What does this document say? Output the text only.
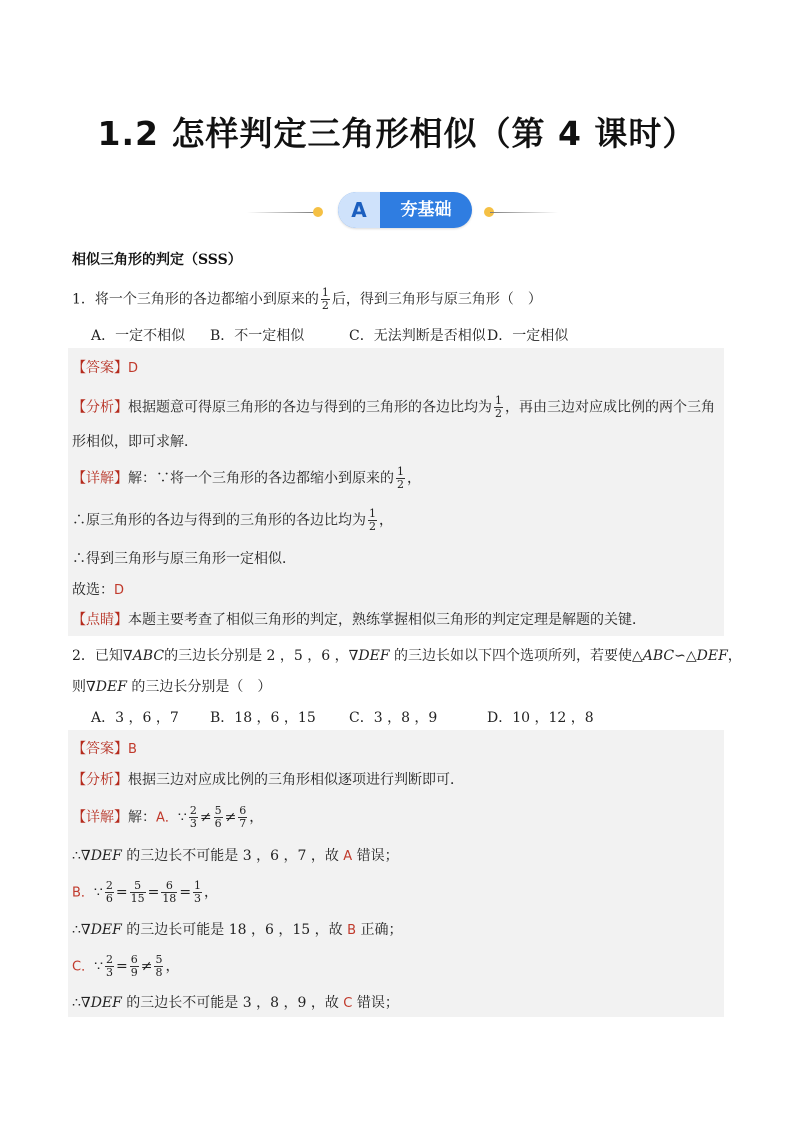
1.2 怎样判定三角形相似（第 4 课时）
A	夯基础
相似三角形的判定（SSS）
1．将一个三角形的各边都缩小到原来的 $\frac{1}{2}$ 后，得到三角形与原三角形（　）
A．一定不相似 B．不一定相似	C．无法判断是否相似 D．一定相似
【答案】D
【分析】根据题意可得原三角形的各边与得到的三角形的各边比均为 $\frac{1}{2}$ ，再由三边对应成比例的两个三角
形相似，即可求解．
【详解】解：∵将一个三角形的各边都缩小到原来的 $\frac{1}{2}$ ，
∴原三角形的各边与得到的三角形的各边比均为 $\frac{1}{2}$ ，
∴得到三角形与原三角形一定相似．
故选：D
【点睛】本题主要考查了相似三角形的判定，熟练掌握相似三角形的判定定理是解题的关键．
2．已知∇ABC的三边长分别是 2 ，5 ，6 ，∇DEF 的三边长如以下四个选项所列，若要使△ABC∽△DEF，
则∇DEF 的三边长分别是（　）
A．3 ，6 ，7 B．18 ，6 ，15 C．3 ，8 ，9	D．10 ，12 ，8
【答案】B
【分析】根据三边对应成比例的三角形相似逐项进行判断即可．
【详解】解：A．∵ $\frac{2}{3} \ne \frac{5}{6} \ne \frac{6}{7}$ ，
∴∇DEF 的三边长不可能是 3 ，6 ，7 ，故 A 错误；
B．∵ $\frac{2}{6} = \frac{5}{15} = \frac{6}{18} = \frac{1}{3}$ ，
∴∇DEF 的三边长可能是 18 ，6 ，15 ，故 B 正确；
C．∵ $\frac{2}{3} = \frac{6}{9} \ne \frac{5}{8}$ ，
∴∇DEF 的三边长不可能是 3 ，8 ，9 ，故 C 错误；
